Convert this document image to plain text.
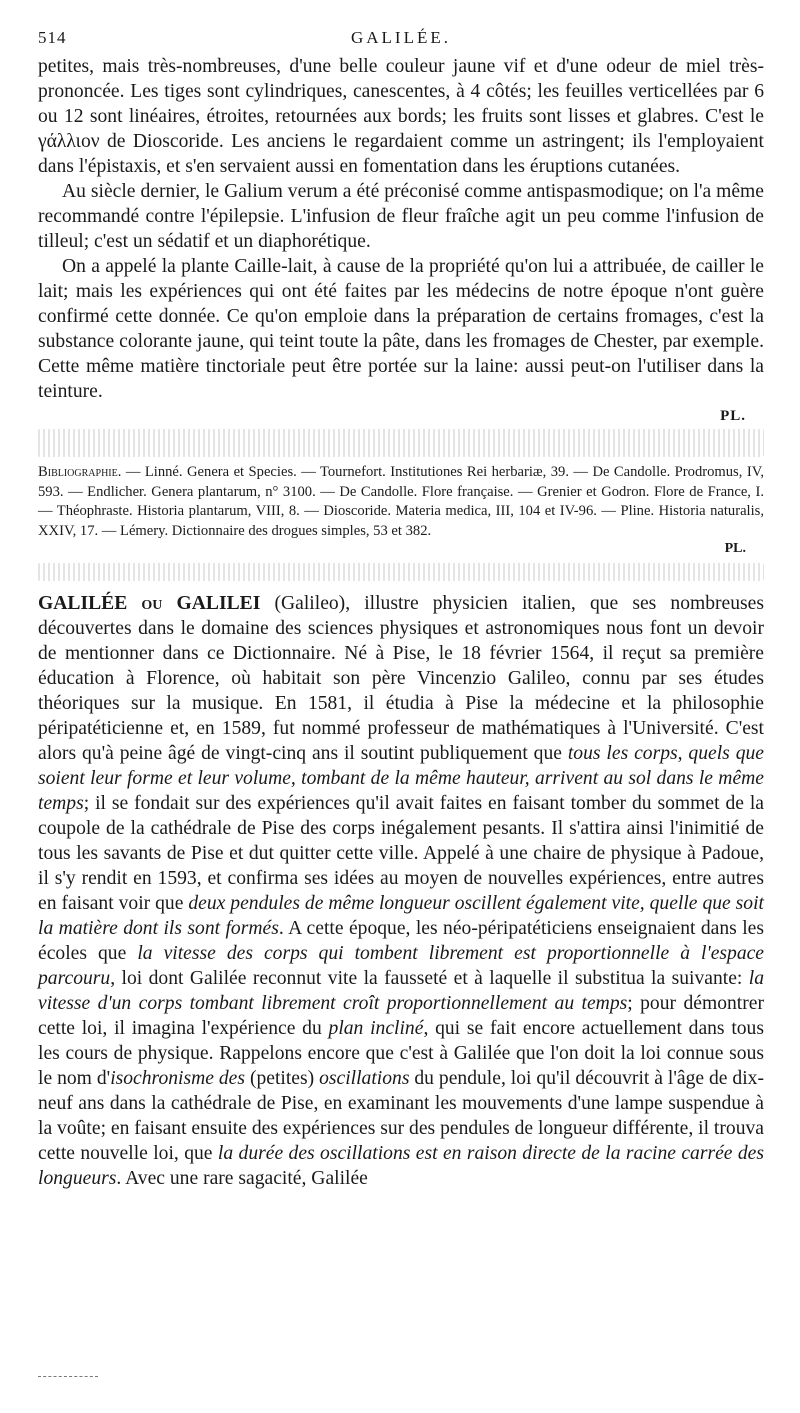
514	GALILÉE.

petites, mais très-nombreuses, d'une belle couleur jaune vif et d'une odeur de miel très-prononcée. Les tiges sont cylindriques, canescentes, à 4 côtés; les feuilles verticellées par 6 ou 12 sont linéaires, étroites, retournées aux bords; les fruits sont lisses et glabres. C'est le γάλλιον de Dioscoride. Les anciens le regardaient comme un astringent; ils l'employaient dans l'épistaxis, et s'en servaient aussi en fomentation dans les éruptions cutanées.

Au siècle dernier, le Galium verum a été préconisé comme antispasmodique; on l'a même recommandé contre l'épilepsie. L'infusion de fleur fraîche agit un peu comme l'infusion de tilleul; c'est un sédatif et un diaphorétique.

On a appelé la plante Caille-lait, à cause de la propriété qu'on lui a attribuée, de cailler le lait; mais les expériences qui ont été faites par les médecins de notre époque n'ont guère confirmé cette donnée. Ce qu'on emploie dans la préparation de certains fromages, c'est la substance colorante jaune, qui teint toute la pâte, dans les fromages de Chester, par exemple. Cette même matière tinctoriale peut être portée sur la laine: aussi peut-on l'utiliser dans la teinture.

PL.

Bibliographie. — Linné. Genera et Species. — Tournefort. Institutiones Rei herbariæ, 39. — De Candolle. Prodromus, IV, 593. — Endlicher. Genera plantarum, n° 3100. — De Candolle. Flore française. — Grenier et Godron. Flore de France, I. — Théophraste. Historia plantarum, VIII, 8. — Dioscoride. Materia medica, III, 104 et IV-96. — Pline. Historia naturalis, XXIV, 17. — Lémery. Dictionnaire des drogues simples, 53 et 382.

PL.

GALILÉE ou GALILEI (Galileo), illustre physicien italien, que ses nombreuses découvertes dans le domaine des sciences physiques et astronomiques nous font un devoir de mentionner dans ce Dictionnaire. Né à Pise, le 18 février 1564, il reçut sa première éducation à Florence, où habitait son père Vincenzio Galileo, connu par ses études théoriques sur la musique. En 1581, il étudia à Pise la médecine et la philosophie péripatéticienne et, en 1589, fut nommé professeur de mathématiques à l'Université. C'est alors qu'à peine âgé de vingt-cinq ans il soutint publiquement que tous les corps, quels que soient leur forme et leur volume, tombant de la même hauteur, arrivent au sol dans le même temps; il se fondait sur des expériences qu'il avait faites en faisant tomber du sommet de la coupole de la cathédrale de Pise des corps inégalement pesants. Il s'attira ainsi l'inimitié de tous les savants de Pise et dut quitter cette ville. Appelé à une chaire de physique à Padoue, il s'y rendit en 1593, et confirma ses idées au moyen de nouvelles expériences, entre autres en faisant voir que deux pendules de même longueur oscillent également vite, quelle que soit la matière dont ils sont formés. A cette époque, les néo-péripatéticiens enseignaient dans les écoles que la vitesse des corps qui tombent librement est proportionnelle à l'espace parcouru, loi dont Galilée reconnut vite la fausseté et à laquelle il substitua la suivante: la vitesse d'un corps tombant librement croît proportionnellement au temps; pour démontrer cette loi, il imagina l'expérience du plan incliné, qui se fait encore actuellement dans tous les cours de physique. Rappelons encore que c'est à Galilée que l'on doit la loi connue sous le nom d'isochronisme des (petites) oscillations du pendule, loi qu'il découvrit à l'âge de dix-neuf ans dans la cathédrale de Pise, en examinant les mouvements d'une lampe suspendue à la voûte; en faisant ensuite des expériences sur des pendules de longueur différente, il trouva cette nouvelle loi, que la durée des oscillations est en raison directe de la racine carrée des longueurs. Avec une rare sagacité, Galilée
